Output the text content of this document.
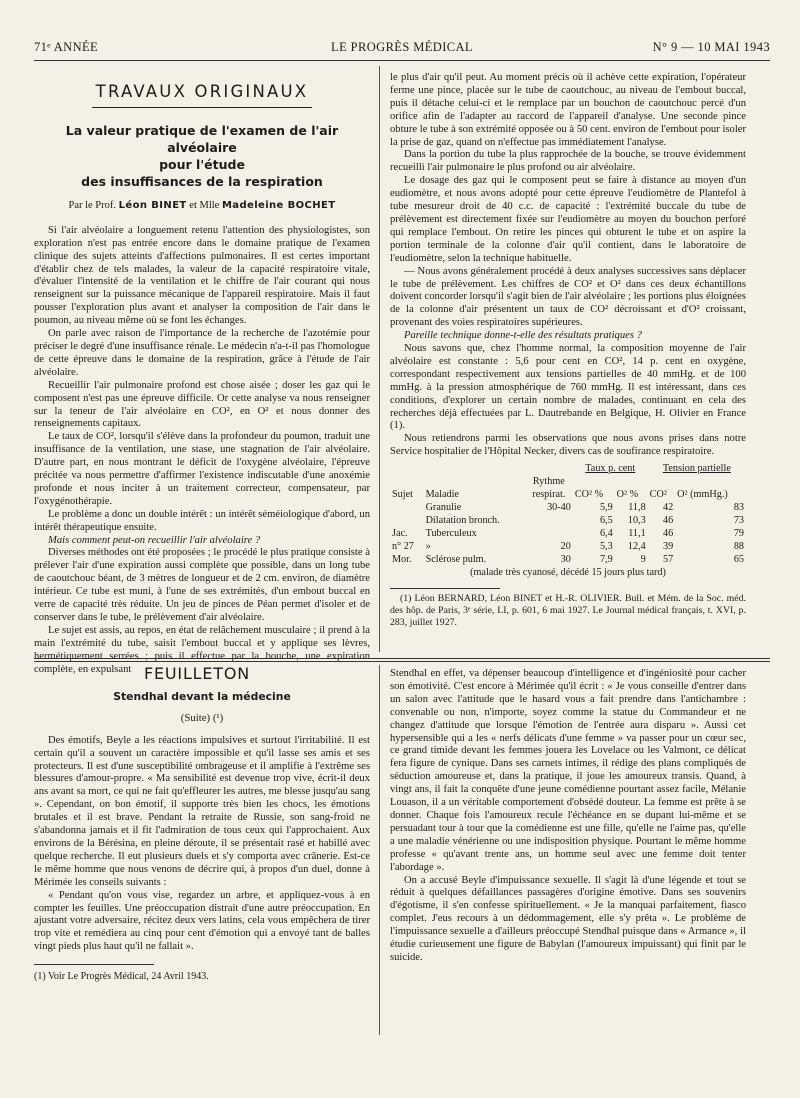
71ᵉ ANNÉE	LE PROGRÈS MÉDICAL	N° 9 — 10 MAI 1943
TRAVAUX ORIGINAUX
La valeur pratique de l'examen de l'air alvéolaire
pour l'étude
des insuffisances de la respiration
Par le Prof. Léon BINET et Mlle Madeleine BOCHET

Si l'air alvéolaire a longuement retenu l'attention des physiologistes, son exploration n'est pas entrée encore dans le domaine pratique de l'examen clinique des sujets atteints d'affections pulmonaires. Il est certes important d'établir chez de tels malades, la valeur de la capacité respiratoire vitale, d'évaluer l'intensité de la ventilation et le chiffre de l'air courant qui nous renseignent sur la puissance mécanique de l'appareil respiratoire. Mais il faut pousser l'exploration plus avant et analyser la composition de l'air dans le poumon, au niveau même où se font les échanges.

On parle avec raison de l'importance de la recherche de l'azotémie pour préciser le degré d'une insuffisance rénale. Le médecin n'a-t-il pas l'homologue de cette épreuve dans le domaine de la respiration, grâce à l'étude de l'air alvéolaire.

Recueillir l'air pulmonaire profond est chose aisée ; doser les gaz qui le composent n'est pas une épreuve difficile. Or cette analyse va nous renseigner sur la teneur de l'air alvéolaire en CO², en O² et nous donner des renseignements capitaux.

Le taux de CO², lorsqu'il s'élève dans la profondeur du poumon, traduit une insuffisance de la ventilation, une stase, une stagnation de l'air alvéolaire. D'autre part, en nous montrant le déficit de l'oxygène alvéolaire, l'épreuve précitée va nous permettre d'affirmer l'existence indiscutable d'une anoxémie profonde et nous inciter à un traitement correcteur, compensateur, par l'oxygénothérapie.

Le problème a donc un double intérêt : un intérêt séméiologique d'abord, un intérêt thérapeutique ensuite.

Mais comment peut-on recueillir l'air alvéolaire ?

Diverses méthodes ont été proposées ; le procédé le plus pratique consiste à prélever l'air d'une expiration aussi complète que possible, dans un long tube de caoutchouc béant, de 3 mètres de longueur et de 2 cm. environ, de diamètre intérieur. Ce tube est muni, à l'une de ses extrémités, d'un embout buccal en verre de capacité très réduite. Un jeu de pinces de Péan permet d'isoler et de conserver dans le tube, le prélèvement d'air alvéolaire.

Le sujet est assis, au repos, en état de relâchement musculaire ; il prend à la main l'extrémité du tube, saisit l'embout buccal et y applique ses lèvres, hermétiquement serrées ; puis il effectue par la bouche, une expiration complète, en expulsant

le plus d'air qu'il peut. Au moment précis où il achève cette expiration, l'opérateur ferme une pince, placée sur le tube de caoutchouc, au niveau de l'embout buccal, puis il détache celui-ci et le remplace par un bouchon de caoutchouc percé d'un orifice afin de l'adapter au raccord de l'appareil d'analyse. Une seconde pince obture le tube à son extrémité opposée ou à 50 cent. environ de l'embout pour isoler la prise de gaz, quand on n'effectue pas immédiatement l'analyse.

Dans la portion du tube la plus rapprochée de la bouche, se trouve évidemment recueilli l'air pulmonaire le plus profond ou air alvéolaire.

Le dosage des gaz qui le composent peut se faire à distance au moyen d'un eudiomètre, et nous avons adopté pour cette épreuve l'eudiomètre de Plantefol à tube mesureur droit de 40 c.c. de capacité : l'extrémité buccale du tube de prélèvement est directement fixée sur l'eudiomètre au moyen du bouchon perforé qui remplace l'embout. On retire les pinces qui obturent le tube et on aspire la portion terminale de la colonne d'air qu'il contient, dans le laboratoire de l'eudiomètre, selon la technique habituelle.

— Nous avons généralement procédé à deux analyses successives sans déplacer le tube de prélèvement. Les chiffres de CO² et O² dans ces deux échantillons doivent concorder lorsqu'il s'agit bien de l'air alvéolaire ; les portions plus éloignées de la colonne d'air présentent un taux de CO² décroissant et d'O² croissant, provenant des voies respiratoires supérieures.

Pareille technique donne-t-elle des résultats pratiques ?

Nous savons que, chez l'homme normal, la composition moyenne de l'air alvéolaire est constante : 5,6 pour cent en CO², 14 p. cent en oxygène, correspondant respectivement aux tensions partielles de 40 mmHg. et de 100 mmHg. à la pression atmosphérique de 760 mmHg. Il est intéressant, dans ces conditions, d'explorer un certain nombre de malades, continuant en cela des recherches déjà effectuées par L. Dautrebande en Belgique, H. Olivier en France (1).

Nous retiendrons parmi les observations que nous avons prises dans notre Service hospitalier de l'Hôpital Necker, divers cas de soufirance respiratoire.

			Taux p. cent		Tension partielle	
Sujet	Maladie	Rythme respirat.	CO² %	O² %	CO²	O² (mmHg.)
	Granulie	30-40	5,9	11,8	42	83
	Dilatation bronch.		6,5	10,3	46	73
Jac.	Tuberculeux		6,4	11,1	46	79
n° 27	»	20	5,3	12,4	39	88
Mor.	Sclérose pulm.	30	7,9	9	57	65
(malade très cyanosé, décédé 15 jours plus tard)
(1) Léon BERNARD, Léon BINET et H.-R. OLIVIER. Bull. et Mém. de la Soc. méd. des hôp. de Paris, 3ᵉ série, LI, p. 601, 6 mai 1927. Le Journal médical français, t. XVI, p. 283, juillet 1927.
FEUILLETON
Stendhal devant la médecine
(Suite) (¹)

Des émotifs, Beyle a les réactions impulsives et surtout l'irritabilité. Il est certain qu'il a souvent un caractère impossible et qu'il lasse ses amis et ses protecteurs. Il est d'une susceptibilité ombrageuse et il amplifie à l'extrême ses blessures d'amour-propre. « Ma sensibilité est devenue trop vive, écrit-il deux ans avant sa mort, ce qui ne fait qu'effleurer les autres, me blesse jusqu'au sang ». Cependant, on bon émotif, il supporte très bien les chocs, les émotions brutales et il est brave. Pendant la retraite de Russie, son sang-froid ne s'abandonna jamais et il fit l'admiration de tous ceux qui l'approchaient. Aux environs de la Bérésina, en pleine déroute, il se présentait rasé et habillé avec quelque recherche. Il eut plusieurs duels et s'y comporta avec crânerie. Est-ce le même homme que nous venons de décrire qui, à propos d'un duel, donne à Mérimée les conseils suivants :

« Pendant qu'on vous vise, regardez un arbre, et appliquez-vous à en compter les feuilles. Une préoccupation distrait d'une autre préoccupation. En ajustant votre adversaire, récitez deux vers latins, cela vous empêchera de tirer trop vite et remédiera au cinq pour cent d'émotion qui a envoyé tant de balles vingt pieds plus haut qu'il ne fallait ».

(1) Voir Le Progrès Médical, 24 Avril 1943.

Stendhal en effet, va dépenser beaucoup d'intelligence et d'ingéniosité pour cacher son émotivité. C'est encore à Mérimée qu'il écrit : « Je vous conseille d'entrer dans un salon avec l'attitude que le hasard vous a fait prendre dans l'antichambre : convenable ou non, n'importe, soyez comme la statue du Commandeur et ne changez d'attitude que lorsque l'émotion de l'entrée aura disparu ». Aussi cet hypersensible qui a les « nerfs délicats d'une femme » va passer pour un cœur sec, ce grand timide devant les femmes jouera les Lovelace ou les Valmont, ce délicat fera figure de cynique. Dans ses carnets intimes, il rédige des plans compliqués de séduction amoureuse et, dans la pratique, il joue les amoureux transis. Quand, à vingt ans, il fait la conquête d'une jeune comédienne pourtant assez facile, Mélanie Louason, il a un véritable comportement d'obsédé douteur. La femme est prête à se donner. Chaque fois l'amoureux recule l'échéance en se dupant lui-même et se persuadant tour à tour que la comédienne est une fille, qu'elle ne l'aime pas, qu'elle a une maladie vénérienne ou une indisposition physique. Pourtant le même homme professe « qu'avant trente ans, un homme seul avec une femme doit tenter l'abordage ».

On a accusé Beyle d'impuissance sexuelle. Il s'agit là d'une légende et tout se réduit à quelques défaillances passagères d'origine émotive. Dans ses souvenirs d'égotisme, il s'en confesse spirituellement. « Je la manquai parfaitement, fiasco complet. J'eus recours à un dédommagement, elle s'y prêta ». Le problème de l'impuissance sexuelle a d'ailleurs préoccupé Stendhal puisque dans « Armance », il étudie curieusement une figure de Babylan (l'amoureux impuissant) qui finit par le suicide.
